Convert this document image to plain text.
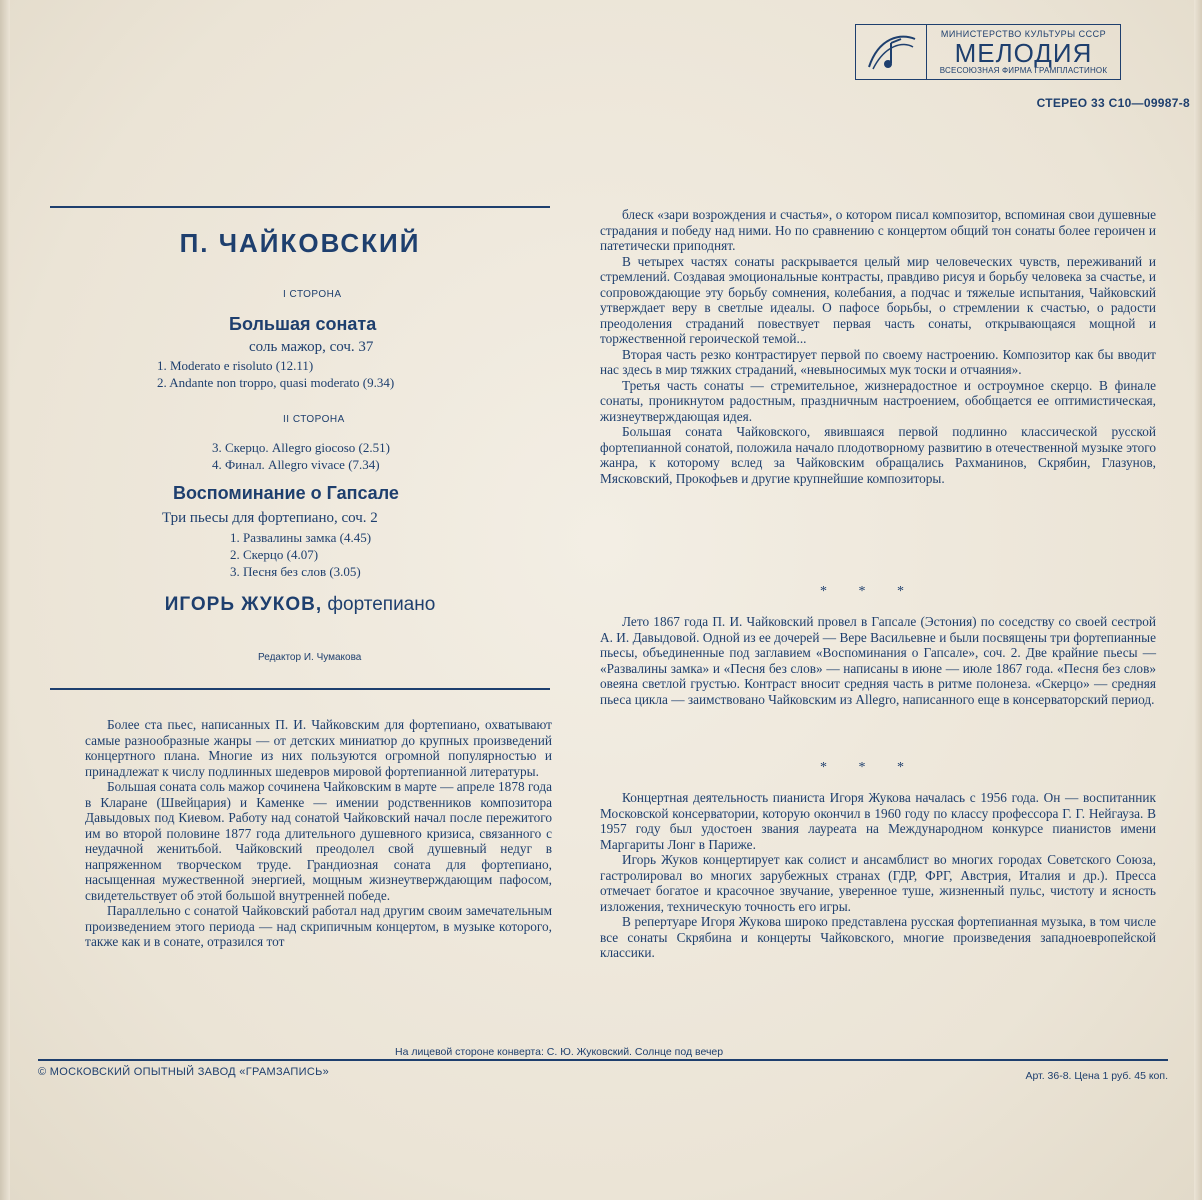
МИНИСТЕРСТВО КУЛЬТУРЫ СССР
МЕЛОДИЯ
ВСЕСОЮЗНАЯ ФИРМА ГРАМПЛАСТИНОК
СТЕРЕО 33 С10—09987-8
П. ЧАЙКОВСКИЙ
I СТОРОНА
Большая соната
соль мажор, соч. 37
1. Moderato e risoluto (12.11)
2. Andante non troppo, quasi moderato (9.34)
II СТОРОНА
3. Скерцо. Allegro giocoso (2.51)
4. Финал. Allegro vivace (7.34)
Воспоминание о Гапсале
Три пьесы для фортепиано, соч. 2
1. Развалины замка (4.45)
2. Скерцо (4.07)
3. Песня без слов (3.05)
ИГОРЬ ЖУКОВ, фортепиано
Редактор И. Чумакова

Более ста пьес, написанных П. И. Чайковским для фортепиано, охватывают самые разнообразные жанры — от детских миниатюр до крупных произведений концертного плана. Многие из них пользуются огромной популярностью и принадлежат к числу подлинных шедевров мировой фортепианной литературы.

Большая соната соль мажор сочинена Чайковским в марте — апреле 1878 года в Кларане (Швейцария) и Каменке — имении родственников композитора Давыдовых под Киевом. Работу над сонатой Чайковский начал после пережитого им во второй половине 1877 года длительного душевного кризиса, связанного с неудачной женитьбой. Чайковский преодолел свой душевный недуг в напряженном творческом труде. Грандиозная соната для фортепиано, насыщенная мужественной энергией, мощным жизнеутверждающим пафосом, свидетельствует об этой большой внутренней победе.

Параллельно с сонатой Чайковский работал над другим своим замечательным произведением этого периода — над скрипичным концертом, в музыке которого, также как и в сонате, отразился тот

блеск «зари возрождения и счастья», о котором писал композитор, вспоминая свои душевные страдания и победу над ними. Но по сравнению с концертом общий тон сонаты более героичен и патетически приподнят.

В четырех частях сонаты раскрывается целый мир человеческих чувств, переживаний и стремлений. Создавая эмоциональные контрасты, правдиво рисуя и борьбу человека за счастье, и сопровождающие эту борьбу сомнения, колебания, а подчас и тяжелые испытания, Чайковский утверждает веру в светлые идеалы. О пафосе борьбы, о стремлении к счастью, о радости преодоления страданий повествует первая часть сонаты, открывающаяся мощной и торжественной героической темой...

Вторая часть резко контрастирует первой по своему настроению. Композитор как бы вводит нас здесь в мир тяжких страданий, «невыносимых мук тоски и отчаяния».

Третья часть сонаты — стремительное, жизнерадостное и остроумное скерцо. В финале сонаты, проникнутом радостным, праздничным настроением, обобщается ее оптимистическая, жизнеутверждающая идея.

Большая соната Чайковского, явившаяся первой подлинно классической русской фортепианной сонатой, положила начало плодотворному развитию в отечественной музыке этого жанра, к которому вслед за Чайковским обращались Рахманинов, Скрябин, Глазунов, Мясковский, Прокофьев и другие крупнейшие композиторы.

* * *

Лето 1867 года П. И. Чайковский провел в Гапсале (Эстония) по соседству со своей сестрой А. И. Давыдовой. Одной из ее дочерей — Вере Васильевне и были посвящены три фортепианные пьесы, объединенные под заглавием «Воспоминания о Гапсале», соч. 2. Две крайние пьесы — «Развалины замка» и «Песня без слов» — написаны в июне — июле 1867 года. «Песня без слов» овеяна светлой грустью. Контраст вносит средняя часть в ритме полонеза. «Скерцо» — средняя пьеса цикла — заимствовано Чайковским из Allegro, написанного еще в консерваторский период.

* * *

Концертная деятельность пианиста Игоря Жукова началась с 1956 года. Он — воспитанник Московской консерватории, которую окончил в 1960 году по классу профессора Г. Г. Нейгауза. В 1957 году был удостоен звания лауреата на Международном конкурсе пианистов имени Маргариты Лонг в Париже.

Игорь Жуков концертирует как солист и ансамблист во многих городах Советского Союза, гастролировал во многих зарубежных странах (ГДР, ФРГ, Австрия, Италия и др.). Пресса отмечает богатое и красочное звучание, уверенное туше, жизненный пульс, чистоту и ясность изложения, техническую точность его игры.

В репертуаре Игоря Жукова широко представлена русская фортепианная музыка, в том числе все сонаты Скрябина и концерты Чайковского, многие произведения западноевропейской классики.

На лицевой стороне конверта: С. Ю. Жуковский. Солнце под вечер
© МОСКОВСКИЙ ОПЫТНЫЙ ЗАВОД «ГРАМЗАПИСЬ»	Арт. 36-8. Цена 1 руб. 45 коп.
